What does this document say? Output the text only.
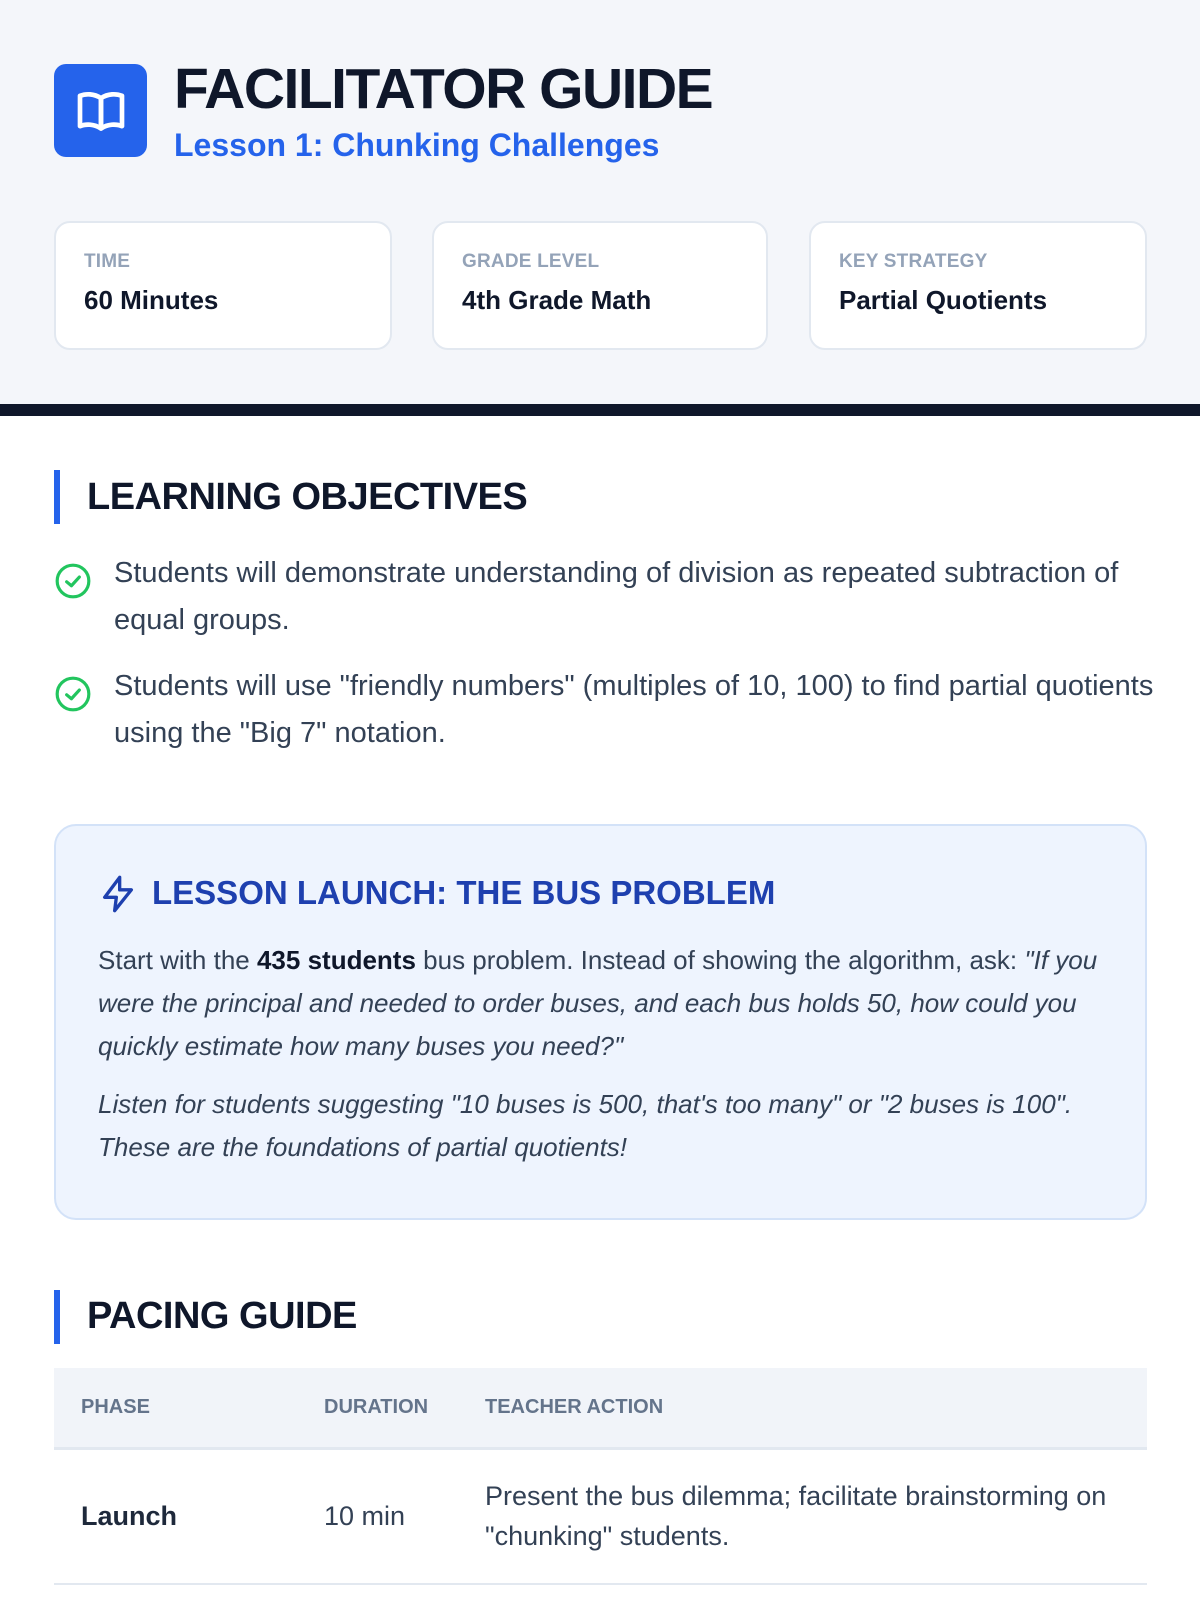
FACILITATOR GUIDE
Lesson 1: Chunking Challenges
TIME
60 Minutes
GRADE LEVEL
4th Grade Math
KEY STRATEGY
Partial Quotients
LEARNING OBJECTIVES
Students will demonstrate understanding of division as repeated subtraction of equal groups.
Students will use "friendly numbers" (multiples of 10, 100) to find partial quotients using the "Big 7" notation.
LESSON LAUNCH: THE BUS PROBLEM

Start with the 435 students bus problem. Instead of showing the algorithm, ask: "If you were the principal and needed to order buses, and each bus holds 50, how could you quickly estimate how many buses you need?"

Listen for students suggesting "10 buses is 500, that's too many" or "2 buses is 100". These are the foundations of partial quotients!

PACING GUIDE
PHASE	DURATION	TEACHER ACTION
Launch	10 min	Present the bus dilemma; facilitate brainstorming on "chunking" students.
